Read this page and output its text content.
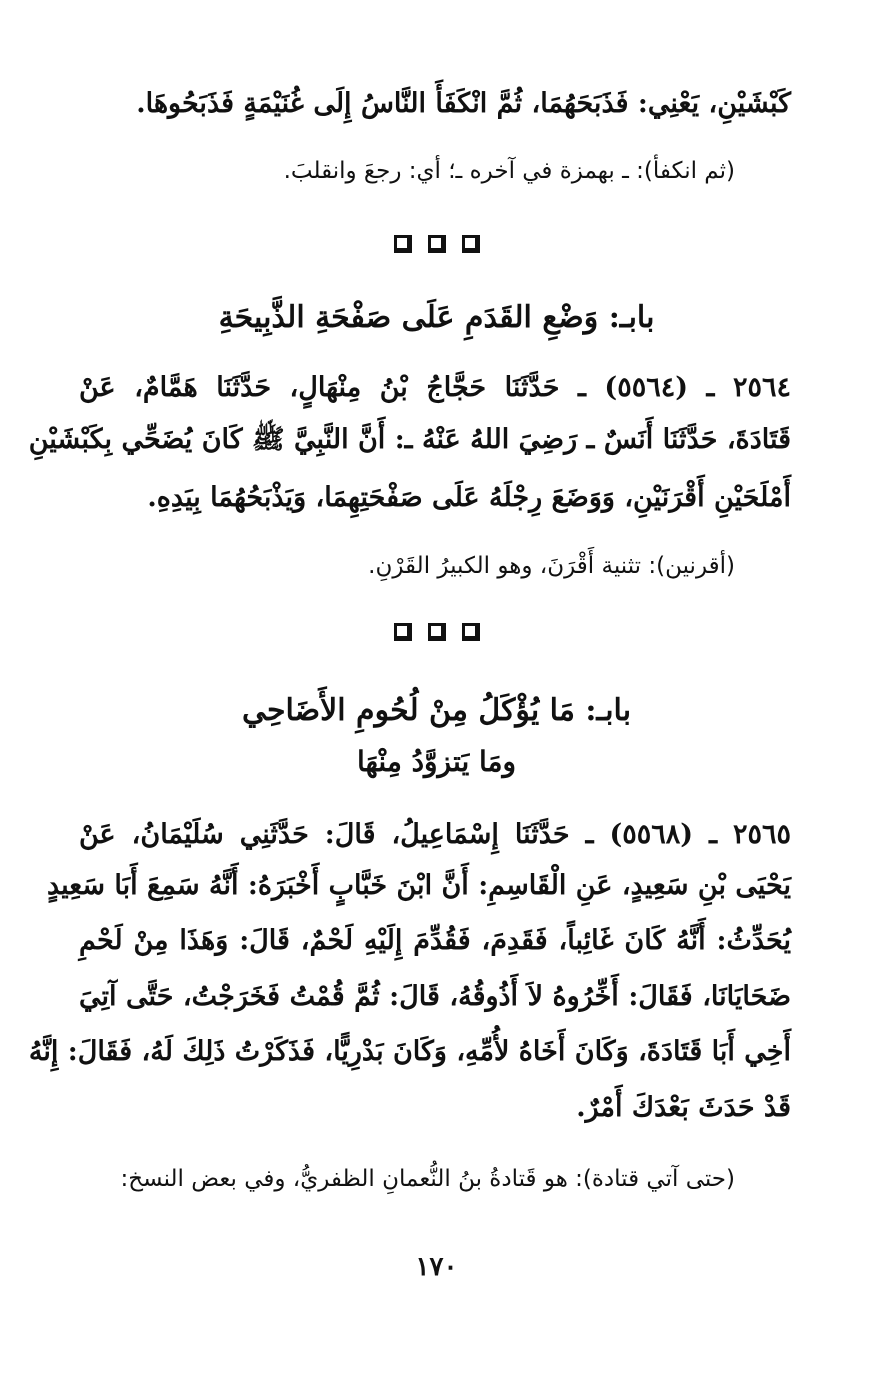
كَبْشَيْنِ، يَعْنِي: فَذَبَحَهُمَا، ثُمَّ انْكَفَأَ النَّاسُ إِلَى غُنَيْمَةٍ فَذَبَحُوهَا.
(ثم انكفأ): ـ بهمزة في آخره ـ؛ أي: رجعَ وانقلبَ.
بابـ: وَضْعِ القَدَمِ عَلَى صَفْحَةِ الذَّبِيحَةِ
٢٥٦٤ ـ (٥٥٦٤) ـ حَدَّثَنَا حَجَّاجُ بْنُ مِنْهَالٍ، حَدَّثَنَا هَمَّامٌ، عَنْ
قَتَادَةَ، حَدَّثَنَا أَنَسٌ ـ رَضِيَ اللهُ عَنْهُ ـ: أَنَّ النَّبِيَّ ﷺ كَانَ يُضَحِّي بِكَبْشَيْنِ
أَمْلَحَيْنِ أَقْرَنَيْنِ، وَوَضَعَ رِجْلَهُ عَلَى صَفْحَتِهِمَا، وَيَذْبَحُهُمَا بِيَدِهِ.
(أقرنين): تثنية أَقْرَنَ، وهو الكبيرُ القَرْنِ.
بابـ: مَا يُؤْكَلُ مِنْ لُحُومِ الأَضَاحِي
ومَا يَتزوَّدُ مِنْهَا
٢٥٦٥ ـ (٥٥٦٨) ـ حَدَّثَنَا إِسْمَاعِيلُ، قَالَ: حَدَّثَنِي سُلَيْمَانُ، عَنْ
يَحْيَى بْنِ سَعِيدٍ، عَنِ الْقَاسِمِ: أَنَّ ابْنَ خَبَّابٍ أَخْبَرَهُ: أَنَّهُ سَمِعَ أَبَا سَعِيدٍ
يُحَدِّثُ: أَنَّهُ كَانَ غَائِباً، فَقَدِمَ، فَقُدِّمَ إِلَيْهِ لَحْمٌ، قَالَ: وَهَذَا مِنْ لَحْمِ
ضَحَايَانَا، فَقَالَ: أَخِّرُوهُ لاَ أَذُوقُهُ، قَالَ: ثُمَّ قُمْتُ فَخَرَجْتُ، حَتَّى آتِيَ
أَخِي أَبَا قَتَادَةَ، وَكَانَ أَخَاهُ لأُمِّهِ، وَكَانَ بَدْرِيًّا، فَذَكَرْتُ ذَلِكَ لَهُ، فَقَالَ: إِنَّهُ
قَدْ حَدَثَ بَعْدَكَ أَمْرٌ.
(حتى آتي قتادة): هو قَتادةُ بنُ النُّعمانِ الظفريُّ، وفي بعض النسخ:
١٧٠
